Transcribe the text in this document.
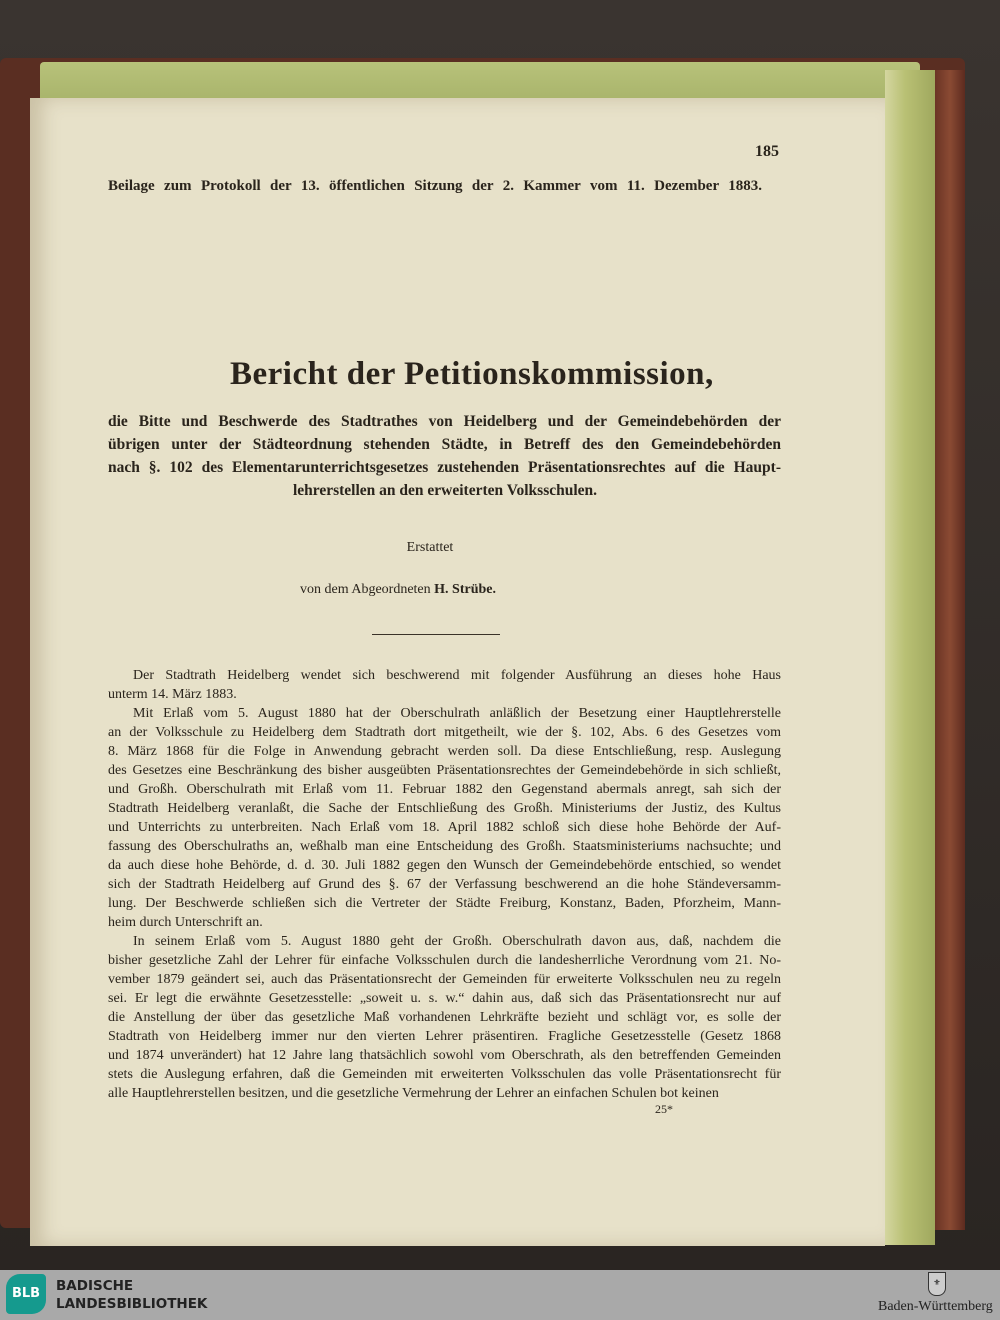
185
Beilage zum Protokoll der 13. öffentlichen Sitzung der 2. Kammer vom 11. Dezember 1883.
Bericht der Petitionskommission,
die Bitte und Beschwerde des Stadtrathes von Heidelberg und der Gemeindebehörden der
übrigen unter der Städteordnung stehenden Städte, in Betreff des den Gemeindebehörden
nach §. 102 des Elementarunterrichtsgesetzes zustehenden Präsentationsrechtes auf die Haupt-
lehrerstellen an den erweiterten Volksschulen.
Erstattet
von dem Abgeordneten H. Strübe.
Der Stadtrath Heidelberg wendet sich beschwerend mit folgender Ausführung an dieses hohe Haus
unterm 14. März 1883.
Mit Erlaß vom 5. August 1880 hat der Oberschulrath anläßlich der Besetzung einer Hauptlehrerstelle
an der Volksschule zu Heidelberg dem Stadtrath dort mitgetheilt, wie der §. 102, Abs. 6 des Gesetzes vom
8. März 1868 für die Folge in Anwendung gebracht werden soll. Da diese Entschließung, resp. Auslegung
des Gesetzes eine Beschränkung des bisher ausgeübten Präsentationsrechtes der Gemeindebehörde in sich schließt,
und Großh. Oberschulrath mit Erlaß vom 11. Februar 1882 den Gegenstand abermals anregt, sah sich der
Stadtrath Heidelberg veranlaßt, die Sache der Entschließung des Großh. Ministeriums der Justiz, des Kultus
und Unterrichts zu unterbreiten. Nach Erlaß vom 18. April 1882 schloß sich diese hohe Behörde der Auf-
fassung des Oberschulraths an, weßhalb man eine Entscheidung des Großh. Staatsministeriums nachsuchte; und
da auch diese hohe Behörde, d. d. 30. Juli 1882 gegen den Wunsch der Gemeindebehörde entschied, so wendet
sich der Stadtrath Heidelberg auf Grund des §. 67 der Verfassung beschwerend an die hohe Ständeversamm-
lung. Der Beschwerde schließen sich die Vertreter der Städte Freiburg, Konstanz, Baden, Pforzheim, Mann-
heim durch Unterschrift an.
In seinem Erlaß vom 5. August 1880 geht der Großh. Oberschulrath davon aus, daß, nachdem die
bisher gesetzliche Zahl der Lehrer für einfache Volksschulen durch die landesherrliche Verordnung vom 21. No-
vember 1879 geändert sei, auch das Präsentationsrecht der Gemeinden für erweiterte Volksschulen neu zu regeln
sei. Er legt die erwähnte Gesetzesstelle: „soweit u. s. w.“ dahin aus, daß sich das Präsentationsrecht nur auf
die Anstellung der über das gesetzliche Maß vorhandenen Lehrkräfte bezieht und schlägt vor, es solle der
Stadtrath von Heidelberg immer nur den vierten Lehrer präsentiren. Fragliche Gesetzesstelle (Gesetz 1868
und 1874 unverändert) hat 12 Jahre lang thatsächlich sowohl vom Oberschrath, als den betreffenden Gemeinden
stets die Auslegung erfahren, daß die Gemeinden mit erweiterten Volksschulen das volle Präsentationsrecht für
alle Hauptlehrerstellen besitzen, und die gesetzliche Vermehrung der Lehrer an einfachen Schulen bot keinen
25*
BLB	BADISCHE
LANDESBIBLIOTHEK
⚜
Baden-Württemberg
